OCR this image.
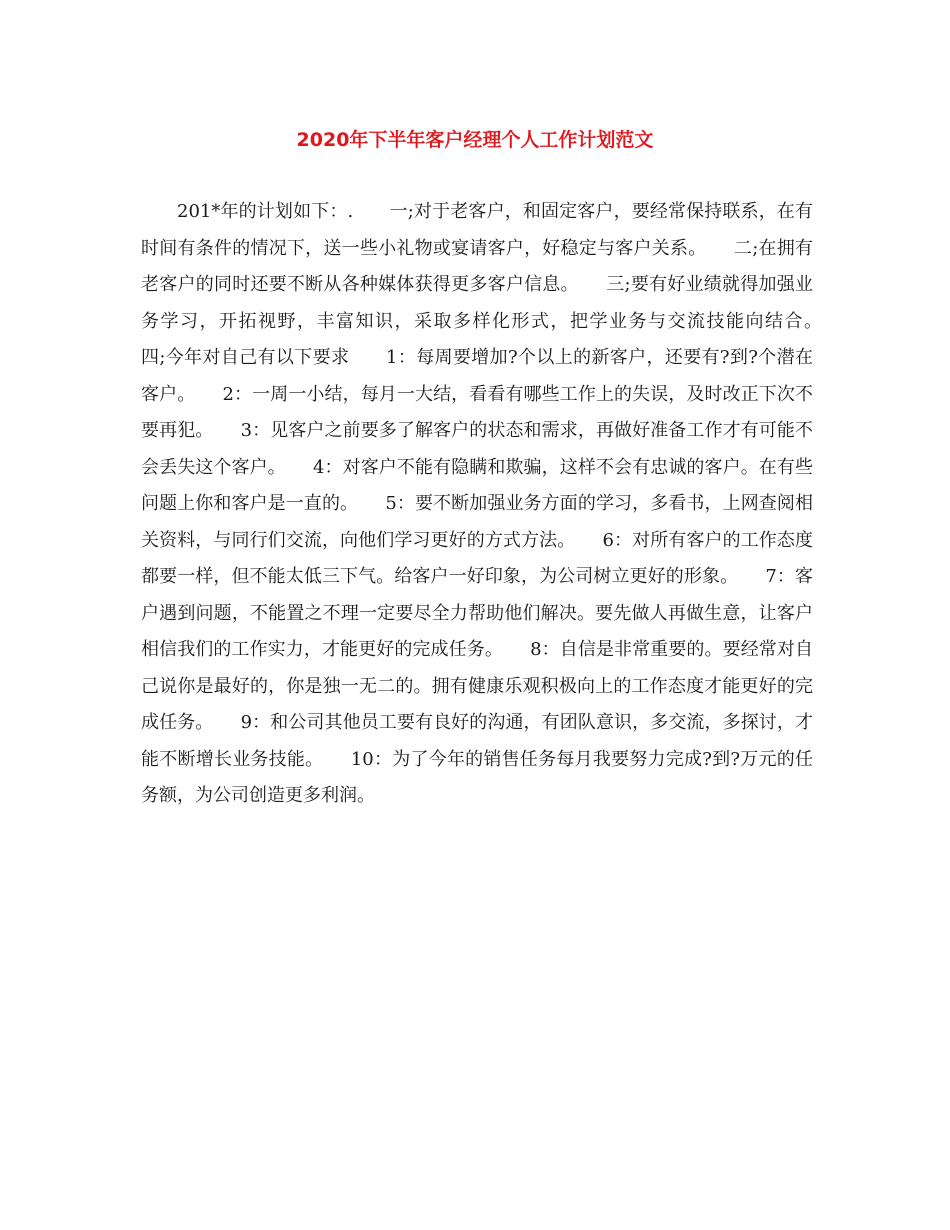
2020年下半年客户经理个人工作计划范文

201*年的计划如下：.　　一;对于老客户，和固定客户，要经常保持联系，在有时间有条件的情况下，送一些小礼物或宴请客户，好稳定与客户关系。　　二;在拥有老客户的同时还要不断从各种媒体获得更多客户信息。　　三;要有好业绩就得加强业务学习，开拓视野，丰富知识，采取多样化形式，把学业务与交流技能向结合。　　四;今年对自己有以下要求　　1：每周要增加?个以上的新客户，还要有?到?个潜在客户。　　2：一周一小结，每月一大结，看看有哪些工作上的失误，及时改正下次不要再犯。　　3：见客户之前要多了解客户的状态和需求，再做好准备工作才有可能不会丢失这个客户。　　4：对客户不能有隐瞒和欺骗，这样不会有忠诚的客户。在有些问题上你和客户是一直的。　　5：要不断加强业务方面的学习，多看书，上网查阅相关资料，与同行们交流，向他们学习更好的方式方法。　　6：对所有客户的工作态度都要一样，但不能太低三下气。给客户一好印象，为公司树立更好的形象。　　7：客户遇到问题，不能置之不理一定要尽全力帮助他们解决。要先做人再做生意，让客户相信我们的工作实力，才能更好的完成任务。　　8：自信是非常重要的。要经常对自己说你是最好的，你是独一无二的。拥有健康乐观积极向上的工作态度才能更好的完成任务。　　9：和公司其他员工要有良好的沟通，有团队意识，多交流，多探讨，才能不断增长业务技能。　　10：为了今年的销售任务每月我要努力完成?到?万元的任务额，为公司创造更多利润。
